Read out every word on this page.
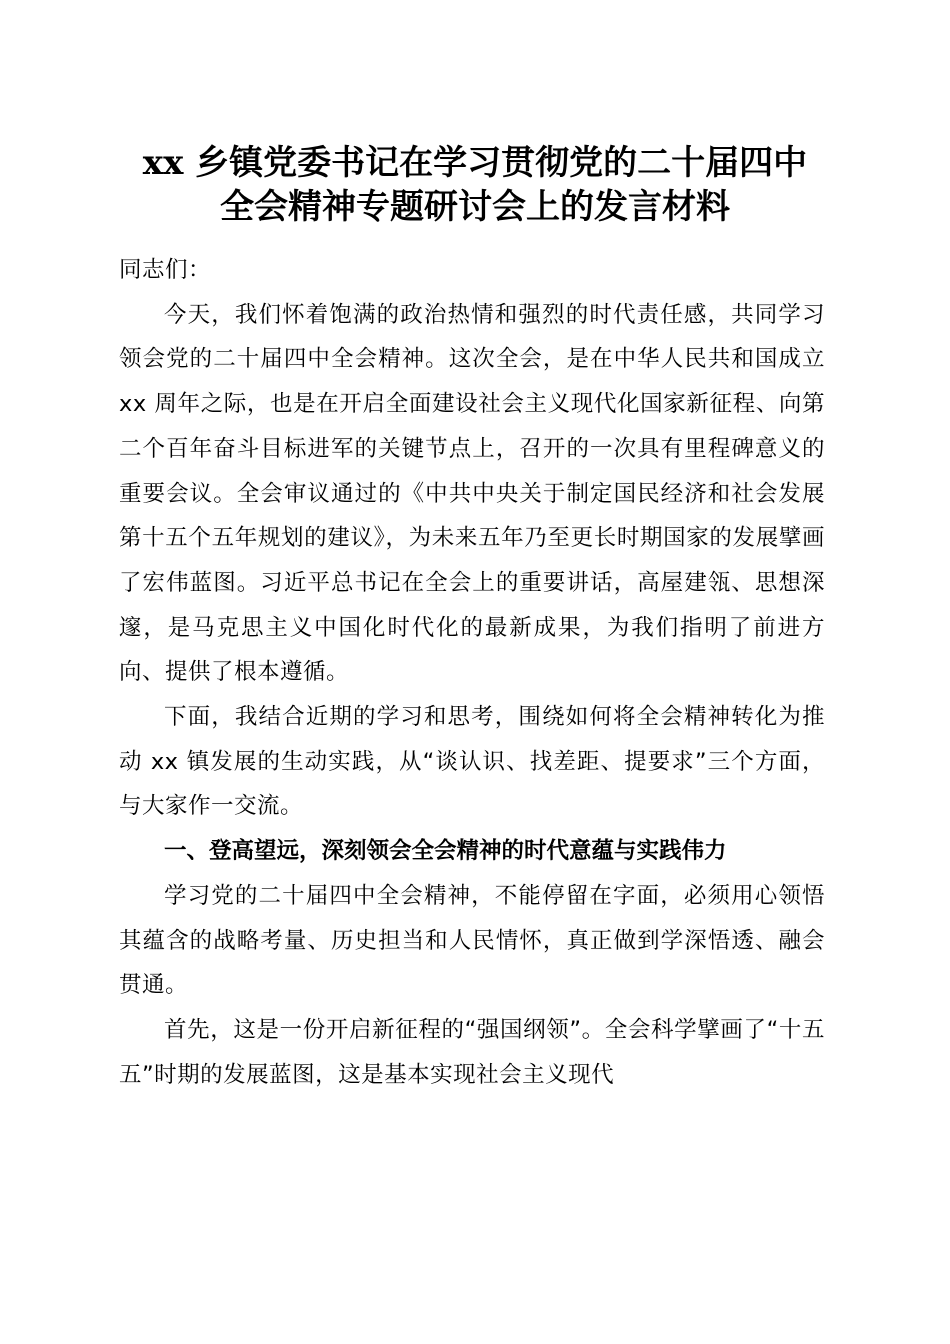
xx 乡镇党委书记在学习贯彻党的二十届四中
全会精神专题研讨会上的发言材料

同志们：

今天，我们怀着饱满的政治热情和强烈的时代责任感，共同学习领会党的二十届四中全会精神。这次全会，是在中华人民共和国成立 xx 周年之际，也是在开启全面建设社会主义现代化国家新征程、向第二个百年奋斗目标进军的关键节点上，召开的一次具有里程碑意义的重要会议。全会审议通过的《中共中央关于制定国民经济和社会发展第十五个五年规划的建议》，为未来五年乃至更长时期国家的发展擘画了宏伟蓝图。习近平总书记在全会上的重要讲话，高屋建瓴、思想深邃，是马克思主义中国化时代化的最新成果，为我们指明了前进方向、提供了根本遵循。

下面，我结合近期的学习和思考，围绕如何将全会精神转化为推动 xx 镇发展的生动实践，从“谈认识、找差距、提要求”三个方面，与大家作一交流。

一、登高望远，深刻领会全会精神的时代意蕴与实践伟力

学习党的二十届四中全会精神，不能停留在字面，必须用心领悟其蕴含的战略考量、历史担当和人民情怀，真正做到学深悟透、融会贯通。

首先，这是一份开启新征程的“强国纲领”。全会科学擘画了“十五五”时期的发展蓝图，这是基本实现社会主义现代
